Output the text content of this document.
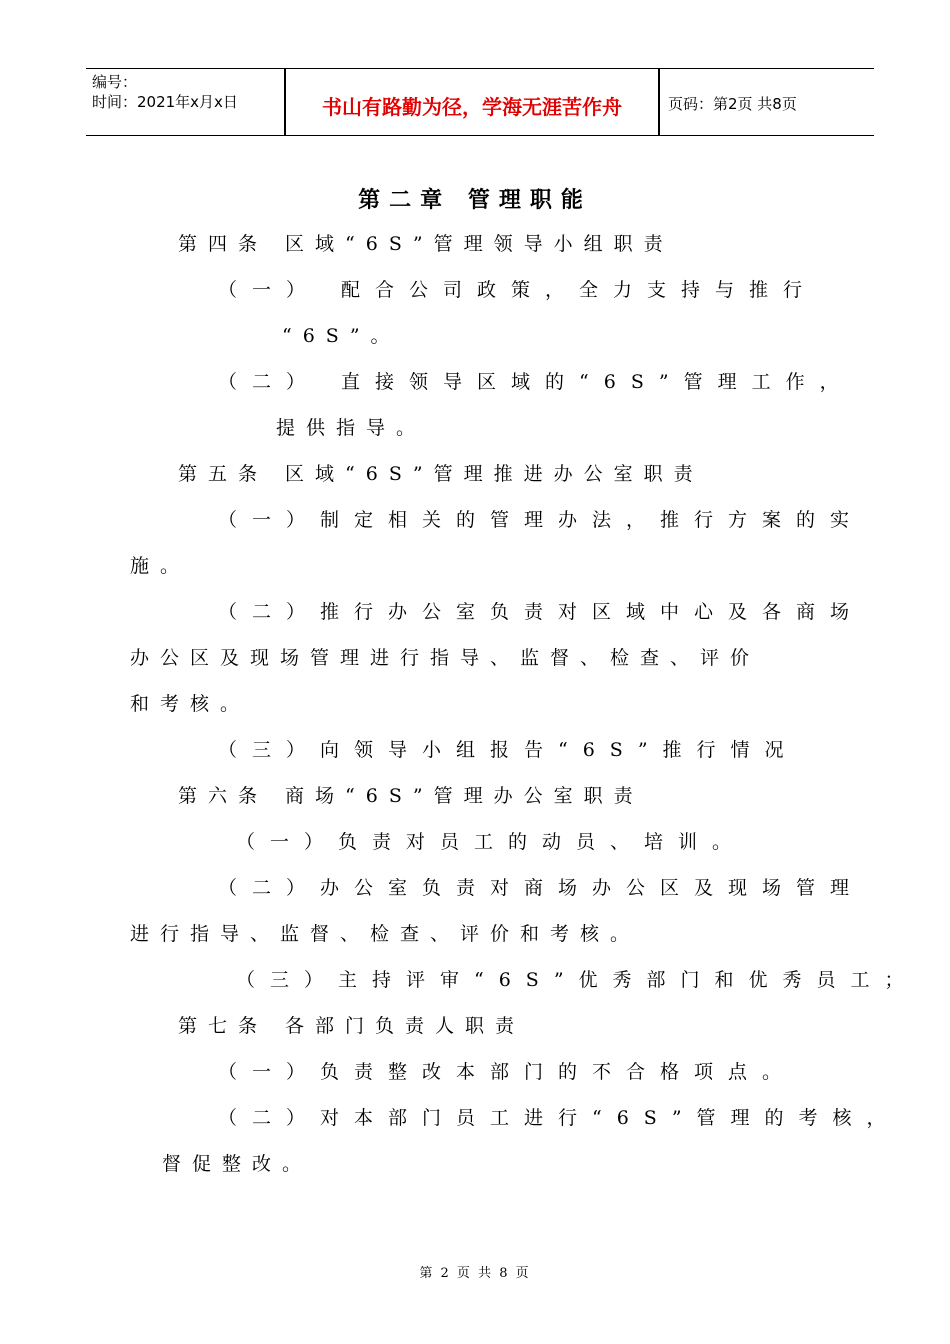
编号：
时间：2021年x月x日	书山有路勤为径，学海无涯苦作舟	页码：第2页 共8页
第二章 管理职能
第四条 区域“6S”管理领导小组职责
（一） 配合公司政策，全力支持与推行
“6S”。
（二） 直接领导区域的“6S”管理工作，
提供指导。
第五条 区域“6S”管理推进办公室职责
（一）制定相关的管理办法，推行方案的实
施。
（二）推行办公室负责对区域中心及各商场
办公区及现场管理进行指导、监督、检查、评价
和考核。
（三）向领导小组报告“6S”推行情况
第六条 商场“6S”管理办公室职责
（一）负责对员工的动员、培训。
（二）办公室负责对商场办公区及现场管理
进行指导、监督、检查、评价和考核。
（三）主持评审“6S”优秀部门和优秀员工；
第七条 各部门负责人职责
（一）负责整改本部门的不合格项点。
（二）对本部门员工进行“6S”管理的考核，
督促整改。
第 2 页 共 8 页
